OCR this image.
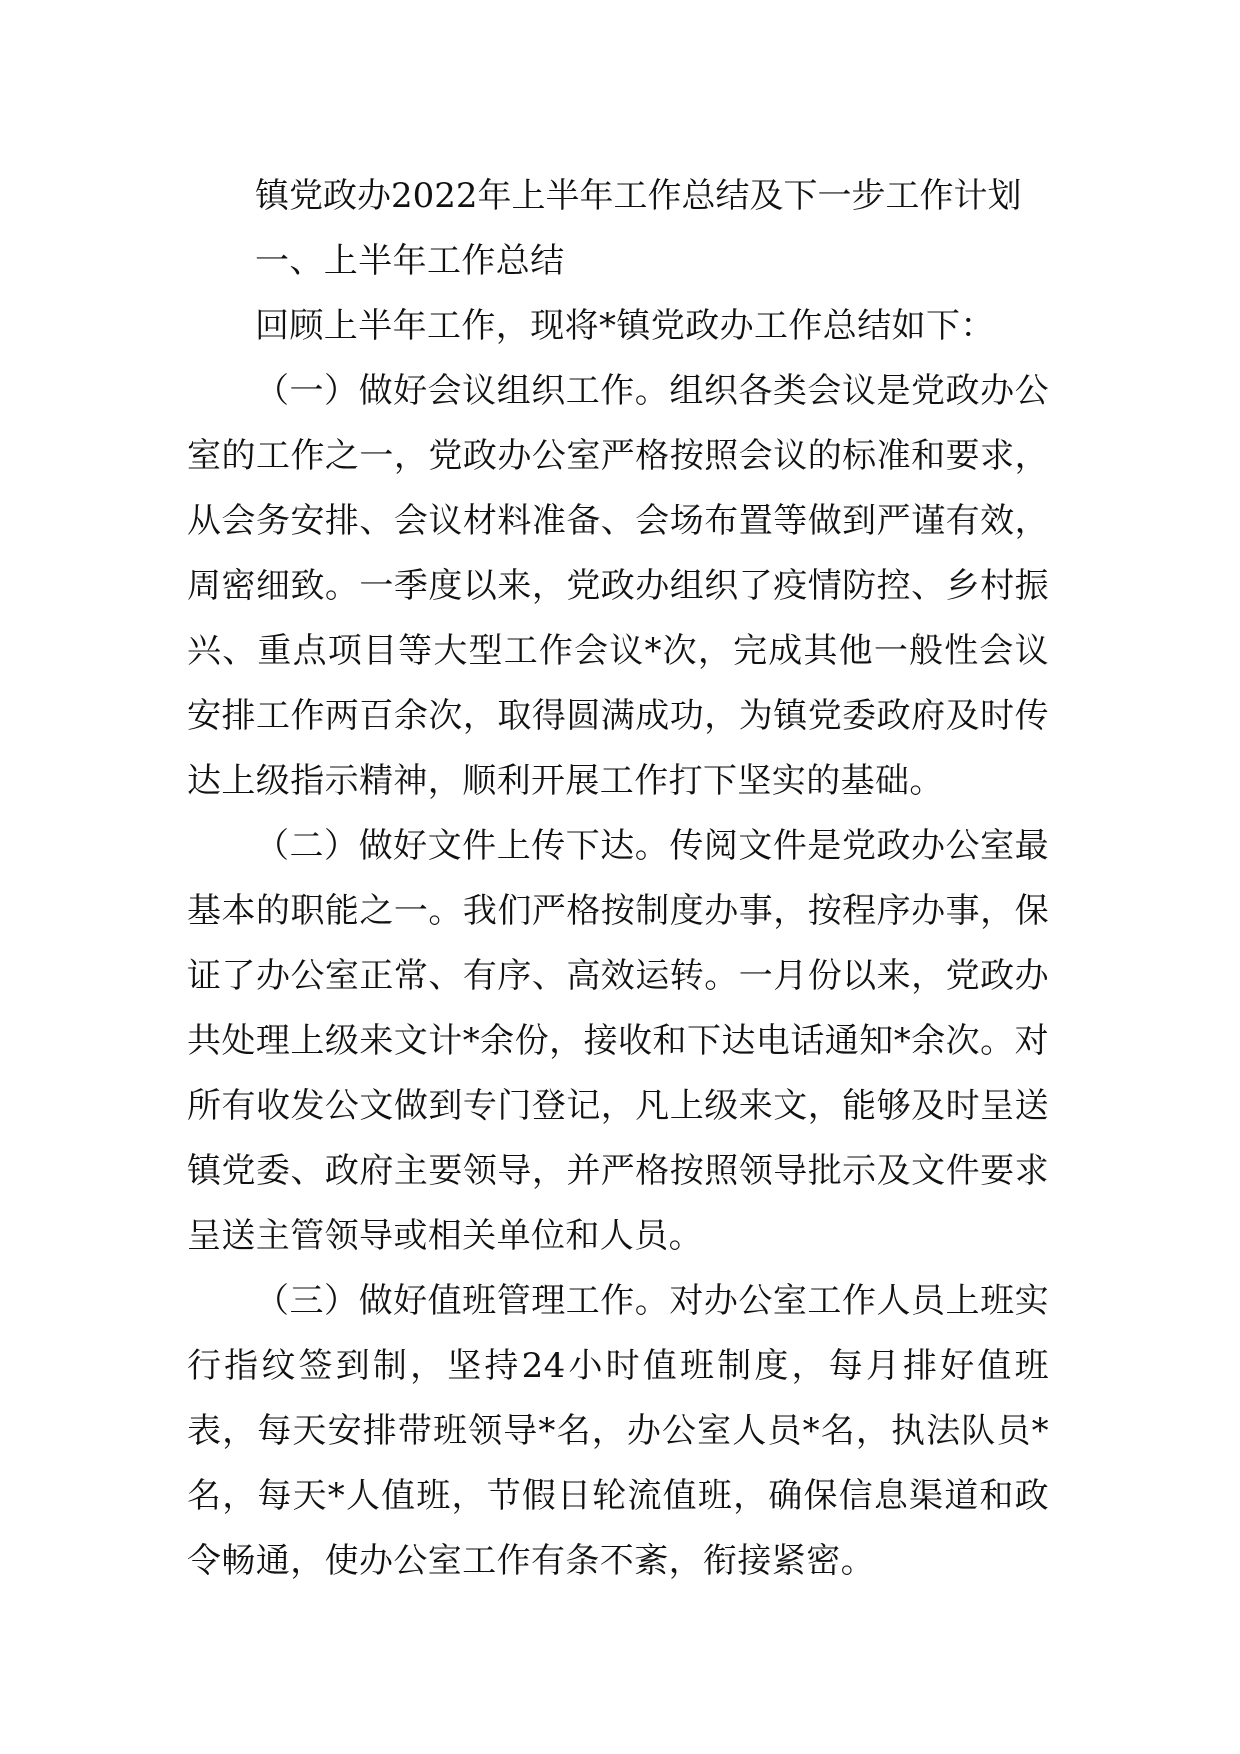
镇党政办2022年上半年工作总结及下一步工作计划

一、上半年工作总结

回顾上半年工作，现将*镇党政办工作总结如下：

（一）做好会议组织工作。组织各类会议是党政办公室的工作之一，党政办公室严格按照会议的标准和要求，从会务安排、会议材料准备、会场布置等做到严谨有效，周密细致。一季度以来，党政办组织了疫情防控、乡村振兴、重点项目等大型工作会议*次，完成其他一般性会议安排工作两百余次，取得圆满成功，为镇党委政府及时传达上级指示精神，顺利开展工作打下坚实的基础。

（二）做好文件上传下达。传阅文件是党政办公室最基本的职能之一。我们严格按制度办事，按程序办事，保证了办公室正常、有序、高效运转。一月份以来，党政办共处理上级来文计*余份，接收和下达电话通知*余次。对所有收发公文做到专门登记，凡上级来文，能够及时呈送镇党委、政府主要领导，并严格按照领导批示及文件要求呈送主管领导或相关单位和人员。

（三）做好值班管理工作。对办公室工作人员上班实行指纹签到制，坚持24小时值班制度，每月排好值班表，每天安排带班领导*名，办公室人员*名，执法队员*名，每天*人值班，节假日轮流值班，确保信息渠道和政令畅通，使办公室工作有条不紊，衔接紧密。
